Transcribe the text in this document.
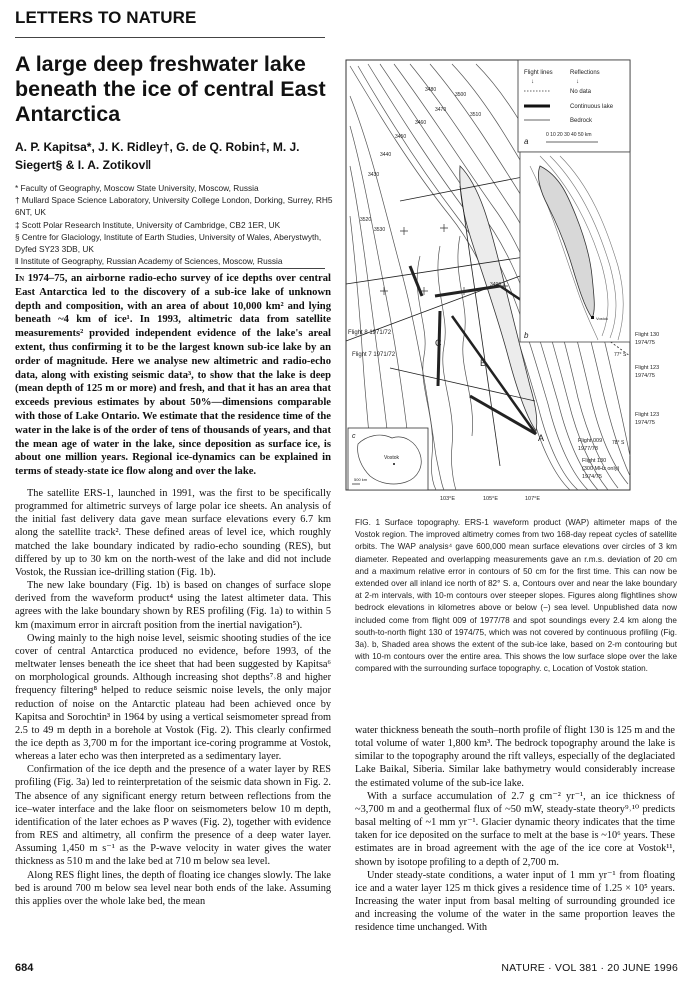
LETTERS TO NATURE
A large deep freshwater lake beneath the ice of central East Antarctica
A. P. Kapitsa*, J. K. Ridley†, G. de Q. Robin‡, M. J. Siegert§ & I. A. Zotikov‖
* Faculty of Geography, Moscow State University, Moscow, Russia
† Mullard Space Science Laboratory, University College London, Dorking, Surrey, RH5 6NT, UK
‡ Scott Polar Research Institute, University of Cambridge, CB2 1ER, UK
§ Centre for Glaciology, Institute of Earth Studies, University of Wales, Aberystwyth, Dyfed SY23 3DB, UK
‖ Institute of Geography, Russian Academy of Sciences, Moscow, Russia
In 1974–75, an airborne radio-echo survey of ice depths over central East Antarctica led to the discovery of a sub-ice lake of unknown depth and composition, with an area of about 10,000 km² and lying beneath ~4 km of ice¹. In 1993, altimetric data from satellite measurements² provided independent evidence of the lake's areal extent, thus confirming it to be the largest known sub-ice lake by an order of magnitude. Here we analyse new altimetric and radio-echo data, along with existing seismic data³, to show that the lake is deep (mean depth of 125 m or more) and fresh, and that it has an area that exceeds previous estimates by about 50%—dimensions comparable with those of Lake Ontario. We estimate that the residence time of the water in the lake is of the order of tens of thousands of years, and that the mean age of water in the lake, since deposition as surface ice, is about one million years. Regional ice-dynamics can be explained in terms of steady-state ice flow along and over the lake.

The satellite ERS-1, launched in 1991, was the first to be specifically programmed for altimetric surveys of large polar ice sheets. An analysis of the initial fast delivery data gave mean surface elevations every 6.7 km along the satellite track². These defined areas of level ice, which roughly matched the lake boundary indicated by radio-echo sounding (RES), but differed by up to 30 km on the north-west of the lake and did not include Vostok, the Russian ice-drilling station (Fig. 1b).

The new lake boundary (Fig. 1b) is based on changes of surface slope derived from the waveform product⁴ using the latest altimeter data. This agrees with the lake boundary shown by RES profiling (Fig. 1a) to within 5 km (maximum error in aircraft position from the inertial navigation⁵).

Owing mainly to the high noise level, seismic shooting studies of the ice cover of central Antarctica produced no evidence, before 1993, of the meltwater lenses beneath the ice sheet that had been suggested by Kapitsa⁶ on morphological grounds. Although increasing shot depths⁷˒8 and higher frequency filtering⁸ helped to reduce seismic noise levels, the only major reduction of noise on the Antarctic plateau had been achieved once by Kapitsa and Sorochtin³ in 1964 by using a vertical seismometer spread from 2.5 to 49 m depth in a borehole at Vostok (Fig. 2). This clearly confirmed the ice depth as 3,700 m for the important ice-coring programme at Vostok, whereas a later echo was then interpreted as a sedimentary layer.

Confirmation of the ice depth and the presence of a water layer by RES profiling (Fig. 3a) led to reinterpretation of the seismic data shown in Fig. 2. The absence of any significant energy return between reflections from the ice–water interface and the lake floor on seismometers below 10 m depth, identification of the later echoes as P waves (Fig. 2), together with evidence from RES and altimetry, all confirm the presence of a deep water layer. Assuming 1,450 m s⁻¹ as the P-wave velocity in water gives the water thickness as 510 m and the lake bed at 710 m below sea level.

Along RES flight lines, the depth of floating ice changes slowly. The lake bed is around 700 m below sea level near both ends of the lake. Assuming this applies over the whole lake bed, the mean

A
B
C
3480
3470
3460
3450
3440
3430
3500
3510
3520
3530
3490
Flight lines	Reflections
↓	↓
No data
Continuous lake
Bedrock
0 10 20 30 40 50 km
a
Vostok
b
77° S
78° S
Flight 8 1971/72
Flight 7 1971/72
Flight 130
1974/75
Flight 123
1974/75
Flight 123
1974/75
Flight 009
1977/78
Flight 130
(300 MHz only)
1974/75
Vostok
500 km
c
103°E	105°E	107°E
FIG. 1 Surface topography. ERS-1 waveform product (WAP) altimeter maps of the Vostok region. The improved altimetry comes from two 168-day repeat cycles of satellite orbits. The WAP analysis⁴ gave 600,000 mean surface elevations over circles of 3 km diameter. Repeated and overlapping measurements gave an r.m.s. deviation of 20 cm and a maximum relative error in contours of 50 cm for the first time. This can now be extended over all inland ice north of 82° S. a, Contours over and near the lake boundary at 2-m intervals, with 10-m contours over steeper slopes. Figures along flightlines show bedrock elevations in kilometres above or below (−) sea level. Unpublished data now included come from flight 009 of 1977/78 and spot soundings every 2.4 km along the south-to-north flight 130 of 1974/75, which was not covered by continuous profiling (Fig. 3a). b, Shaded area shows the extent of the sub-ice lake, based on 2-m contouring but with 10-m contours over the entire area. This shows the low surface slope over the lake compared with the surrounding surface topography. c, Location of Vostok station.

water thickness beneath the south–north profile of flight 130 is 125 m and the total volume of water 1,800 km³. The bedrock topography around the lake is similar to the topography around the rift valleys, especially of the deglaciated Lake Baikal, Siberia. Similar lake bathymetry would considerably increase the estimated volume of the sub-ice lake.

With a surface accumulation of 2.7 g cm⁻² yr⁻¹, an ice thickness of ~3,700 m and a geothermal flux of ~50 mW, steady-state theory⁹˒¹⁰ predicts basal melting of ~1 mm yr⁻¹. Glacier dynamic theory indicates that the time taken for ice deposited on the surface to melt at the base is ~10⁶ years. These estimates are in broad agreement with the age of the ice core at Vostok¹¹, shown by isotope profiling to a depth of 2,700 m.

Under steady-state conditions, a water input of 1 mm yr⁻¹ from floating ice and a water layer 125 m thick gives a residence time of 1.25 × 10⁵ years. Increasing the water input from basal melting of surrounding grounded ice and increasing the volume of the water in the same proportion leaves the residence time unchanged. With

684	NATURE · VOL 381 · 20 JUNE 1996
